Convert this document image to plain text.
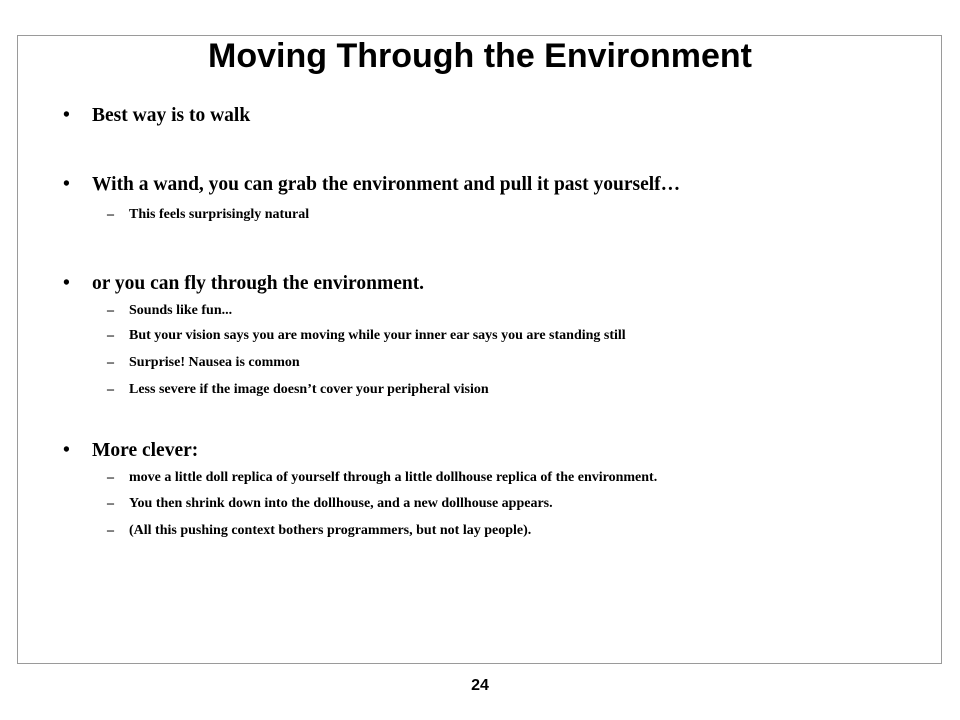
Moving Through the Environment
• Best way is to walk
• With a wand, you can grab the environment and pull it past yourself…
– This feels surprisingly natural
• or you can fly through the environment.
– Sounds like fun...
– But your vision says you are moving while your inner ear says you are standing still
– Surprise! Nausea is common
– Less severe if the image doesn’t cover your peripheral vision
• More clever:
– move a little doll replica of yourself through a little dollhouse replica of the environment.
– You then shrink down into the dollhouse, and a new dollhouse appears.
– (All this pushing context bothers programmers, but not lay people).
24
